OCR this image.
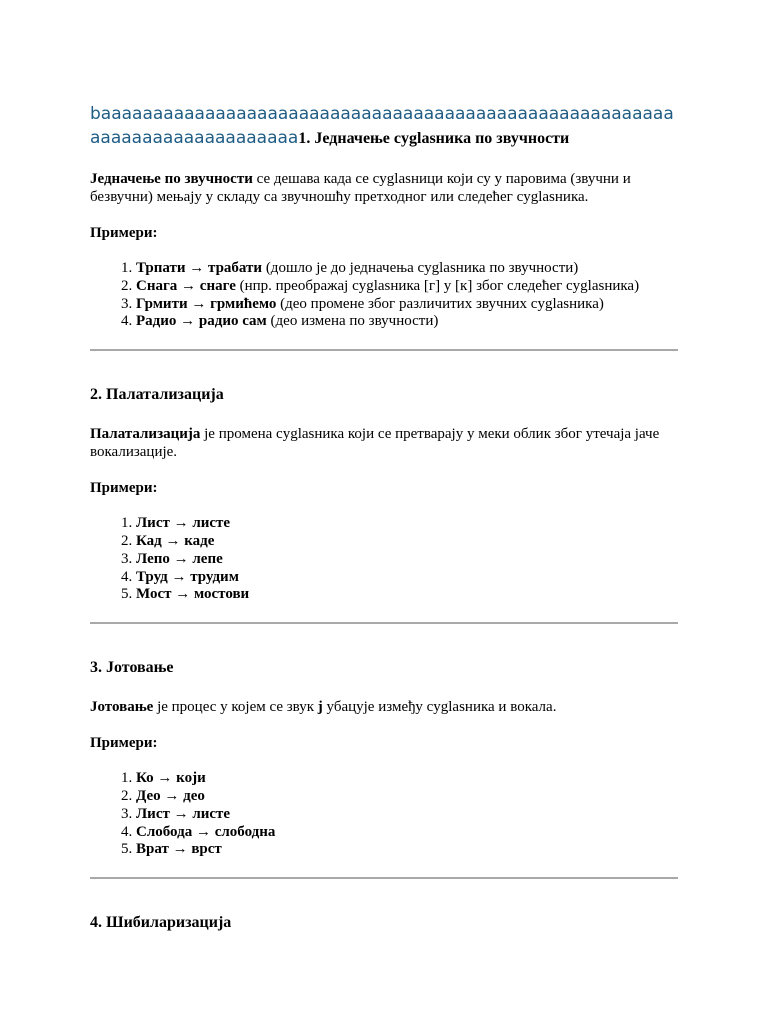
baaaaaaaaaaaaaaaaaaaaaaaaaaaaaaaaaaaaaaaaaaaaaaaaaaaaaaa
aaaaaaaaaaaaaaaaaaaa1. Једначење cуglasника по звучности

Једначење по звучности се дешава када се cуglasници који су у паровима (звучни и безвучни) мењају у складу са звучношћу претходног или следећег cуglasника.

Примери:

1. Трпати → трабати (дошло је до једначења cуglasника по звучности)
2. Снага → снаге (нпр. преображај cуglasника [г] у [к] због следећег cуglasника)
3. Грмити → грмићемо (део промене због различитих звучних cуglasника)
4. Радио → радио сам (део измена по звучности)
2. Палатализација

Палатализација је промена cуglasника који се претварају у меки облик због утечаја јаче вокализације.

Примери:

1. Лист → листе
2. Кад → каде
3. Лепо → лепе
4. Труд → трудим
5. Мост → мостови
3. Јотовање

Јотовање је процес у којем се звук ј убацује између cуglasника и вокала.

Примери:

1. Ко → који
2. Део → део
3. Лист → листе
4. Слобода → слободна
5. Врат → врст
4. Шибиларизација
